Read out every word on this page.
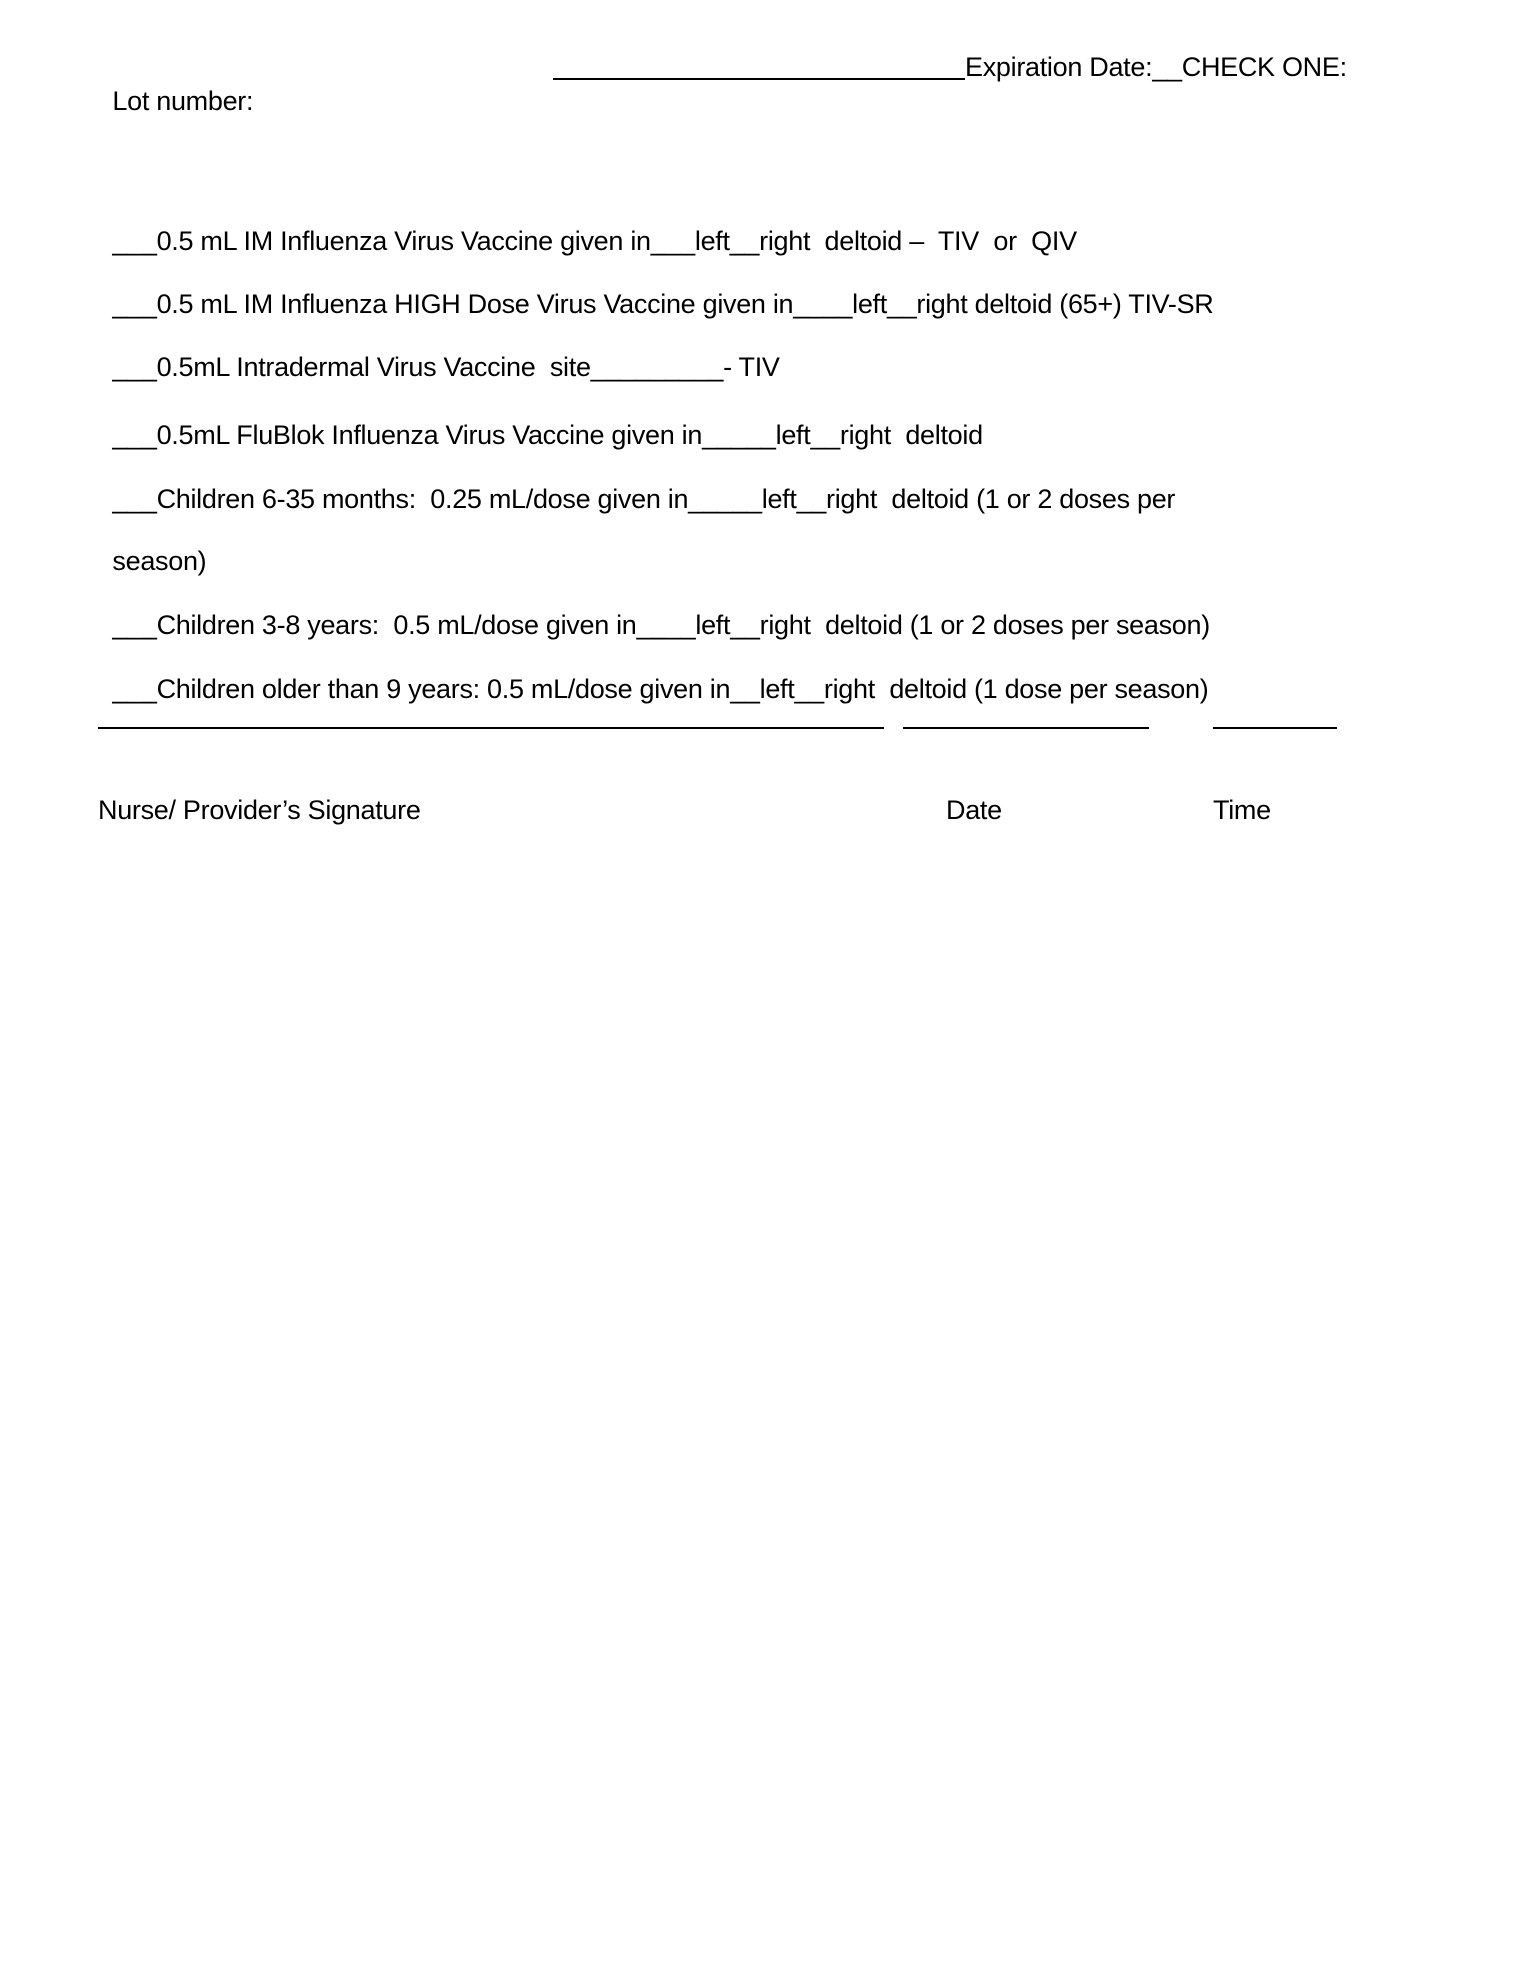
Lot number:

Expiration Date:__CHECK ONE:

___0.5 mL IM Influenza Virus Vaccine given in___left__right  deltoid –  TIV  or  QIV

___0.5 mL IM Influenza HIGH Dose Virus Vaccine given in____left__right deltoid (65+) TIV-SR

___0.5mL Intradermal Virus Vaccine  site_________- TIV

___0.5mL FluBlok Influenza Virus Vaccine given in_____left__right  deltoid

___Children 6-35 months:  0.25 mL/dose given in_____left__right  deltoid (1 or 2 doses per

season)

___Children 3-8 years:  0.5 mL/dose given in____left__right  deltoid (1 or 2 doses per season)

___Children older than 9 years: 0.5 mL/dose given in__left__right  deltoid (1 dose per season)

Nurse/ Provider’s Signature	Date	Time
